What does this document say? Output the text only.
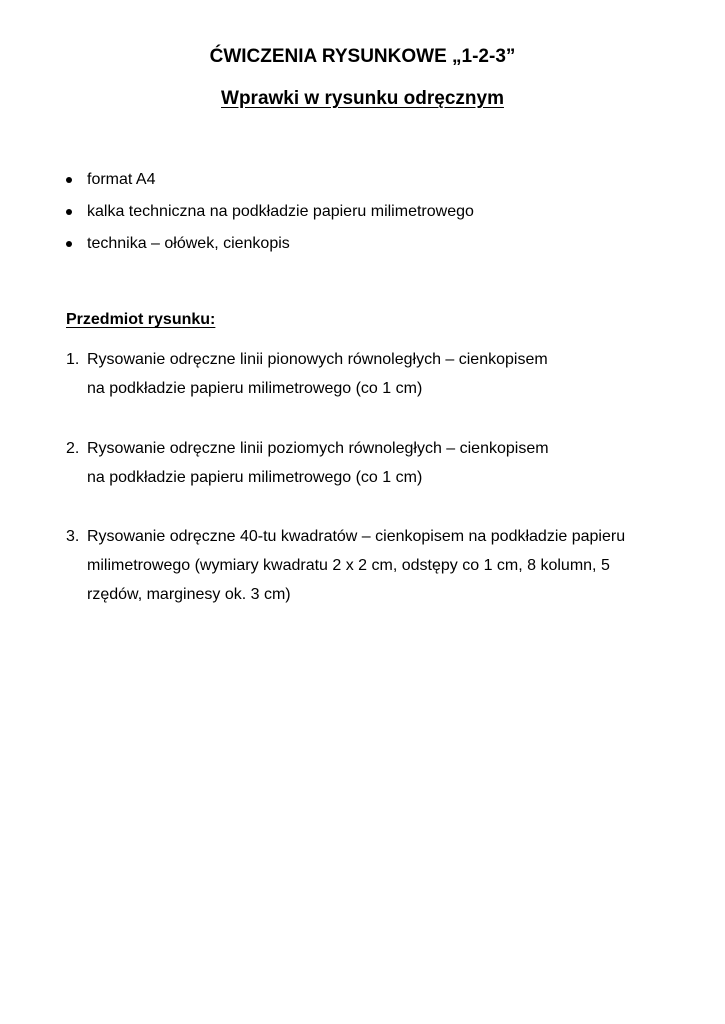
ĆWICZENIA RYSUNKOWE „1-2-3”
Wprawki w rysunku odręcznym
format A4
kalka techniczna na podkładzie papieru milimetrowego
technika – ołówek, cienkopis
Przedmiot rysunku:
1. Rysowanie odręczne linii pionowych równoległych – cienkopisem
na podkładzie papieru milimetrowego (co 1 cm)
2. Rysowanie odręczne linii poziomych równoległych – cienkopisem
na podkładzie papieru milimetrowego (co 1 cm)
3. Rysowanie odręczne 40-tu kwadratów – cienkopisem na podkładzie papieru
milimetrowego (wymiary kwadratu 2 x 2 cm, odstępy co 1 cm, 8 kolumn, 5
rzędów, marginesy ok. 3 cm)
